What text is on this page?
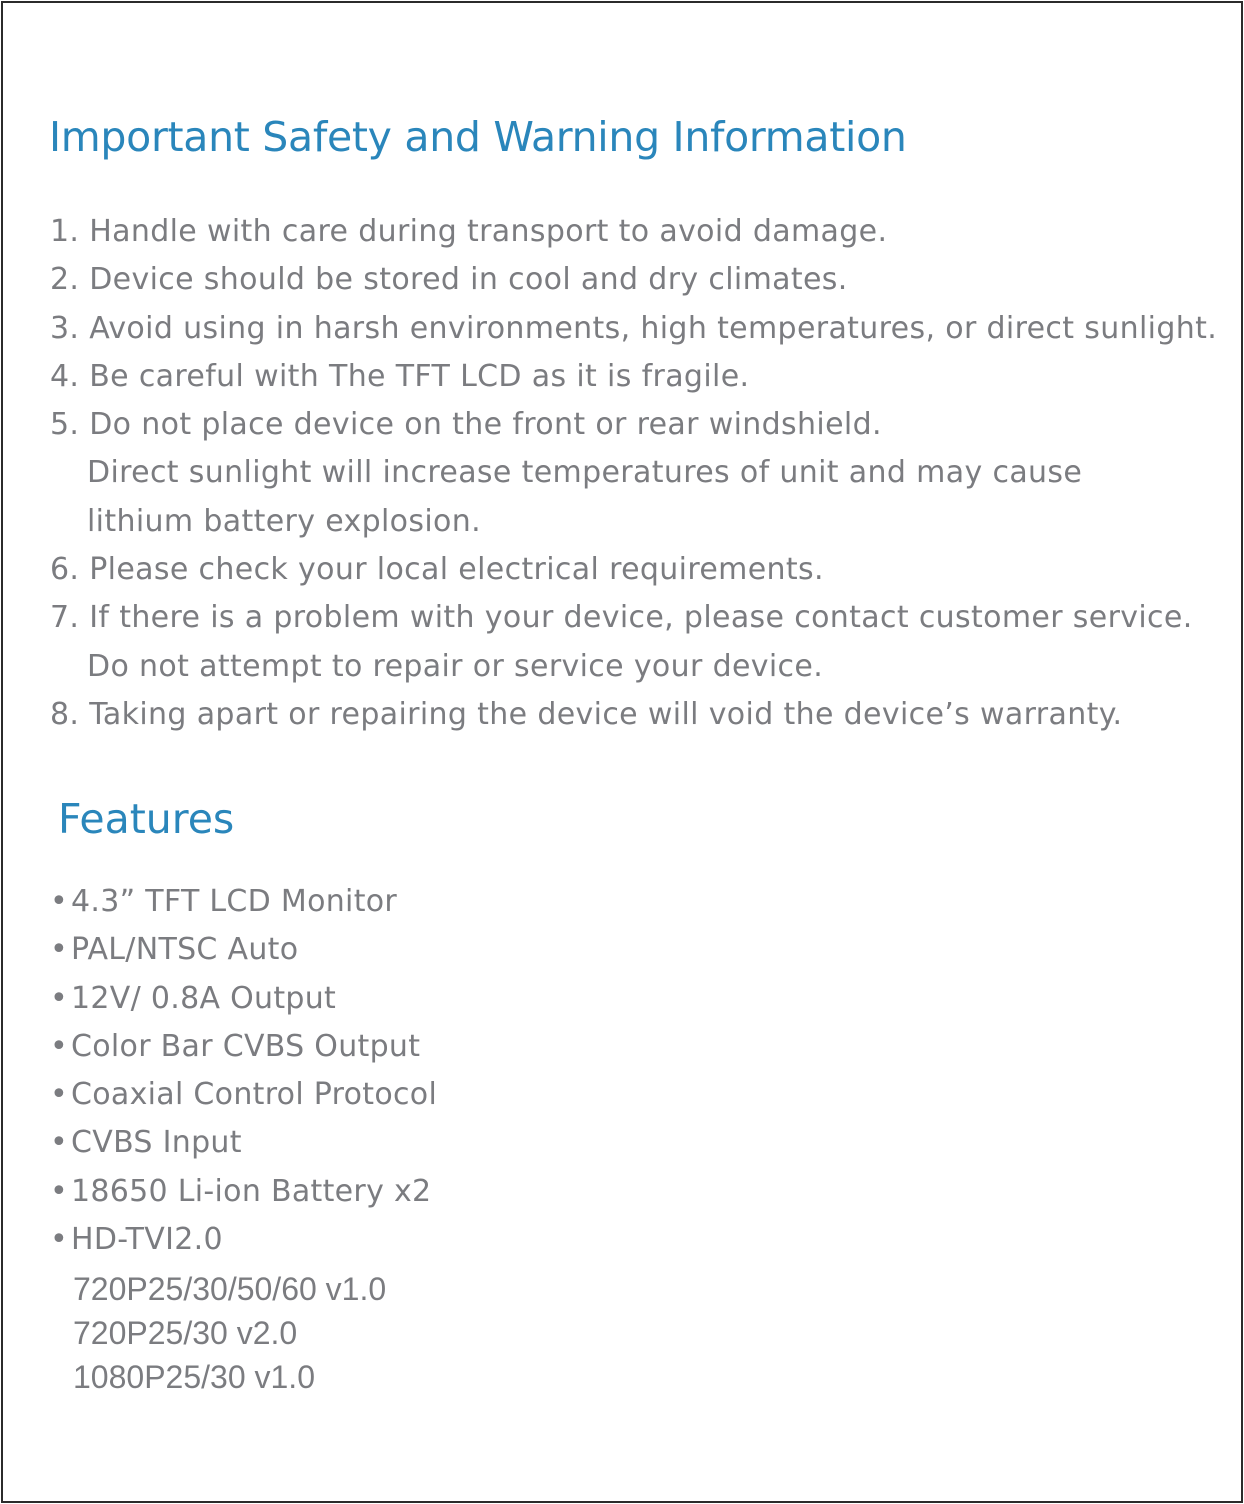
Important Safety and Warning Information
1. Handle with care during transport to avoid damage.
2. Device should be stored in cool and dry climates.
3. Avoid using in harsh environments, high temperatures, or direct sunlight.
4. Be careful with The TFT LCD as it is fragile.
5. Do not place device on the front or rear windshield.
Direct sunlight will increase temperatures of unit and may cause
lithium battery explosion.
6. Please check your local electrical requirements.
7. If there is a problem with your device, please contact customer service.
Do not attempt to repair or service your device.
8. Taking apart or repairing the device will void the device’s warranty.
Features
• 4.3” TFT LCD Monitor
• PAL/NTSC Auto
• 12V/ 0.8A Output
• Color Bar CVBS Output
• Coaxial Control Protocol
• CVBS Input
• 18650 Li-ion Battery x2
• HD-TVI2.0
720P25/30/50/60 v1.0
720P25/30 v2.0
1080P25/30 v1.0
